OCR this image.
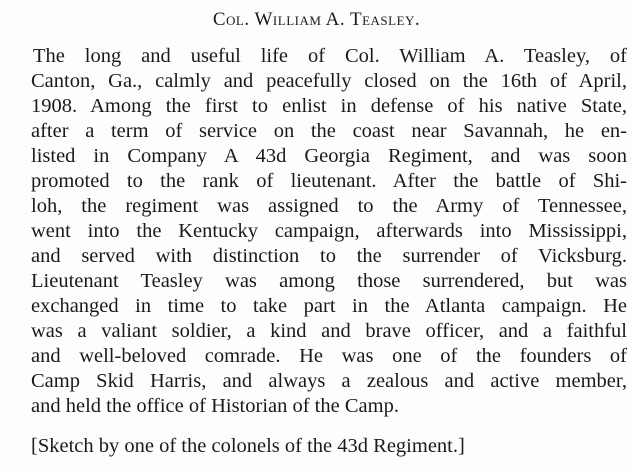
Col. William A. Teasley.
The long and useful life of Col. William A. Teasley, of
Canton, Ga., calmly and peacefully closed on the 16th of April,
1908. Among the first to enlist in defense of his native State,
after a term of service on the coast near Savannah, he en-
listed in Company A 43d Georgia Regiment, and was soon
promoted to the rank of lieutenant. After the battle of Shi-
loh, the regiment was assigned to the Army of Tennessee,
went into the Kentucky campaign, afterwards into Mississippi,
and served with distinction to the surrender of Vicksburg.
Lieutenant Teasley was among those surrendered, but was
exchanged in time to take part in the Atlanta campaign. He
was a valiant soldier, a kind and brave officer, and a faithful
and well-beloved comrade. He was one of the founders of
Camp Skid Harris, and always a zealous and active member,
and held the office of Historian of the Camp.
[Sketch by one of the colonels of the 43d Regiment.]
